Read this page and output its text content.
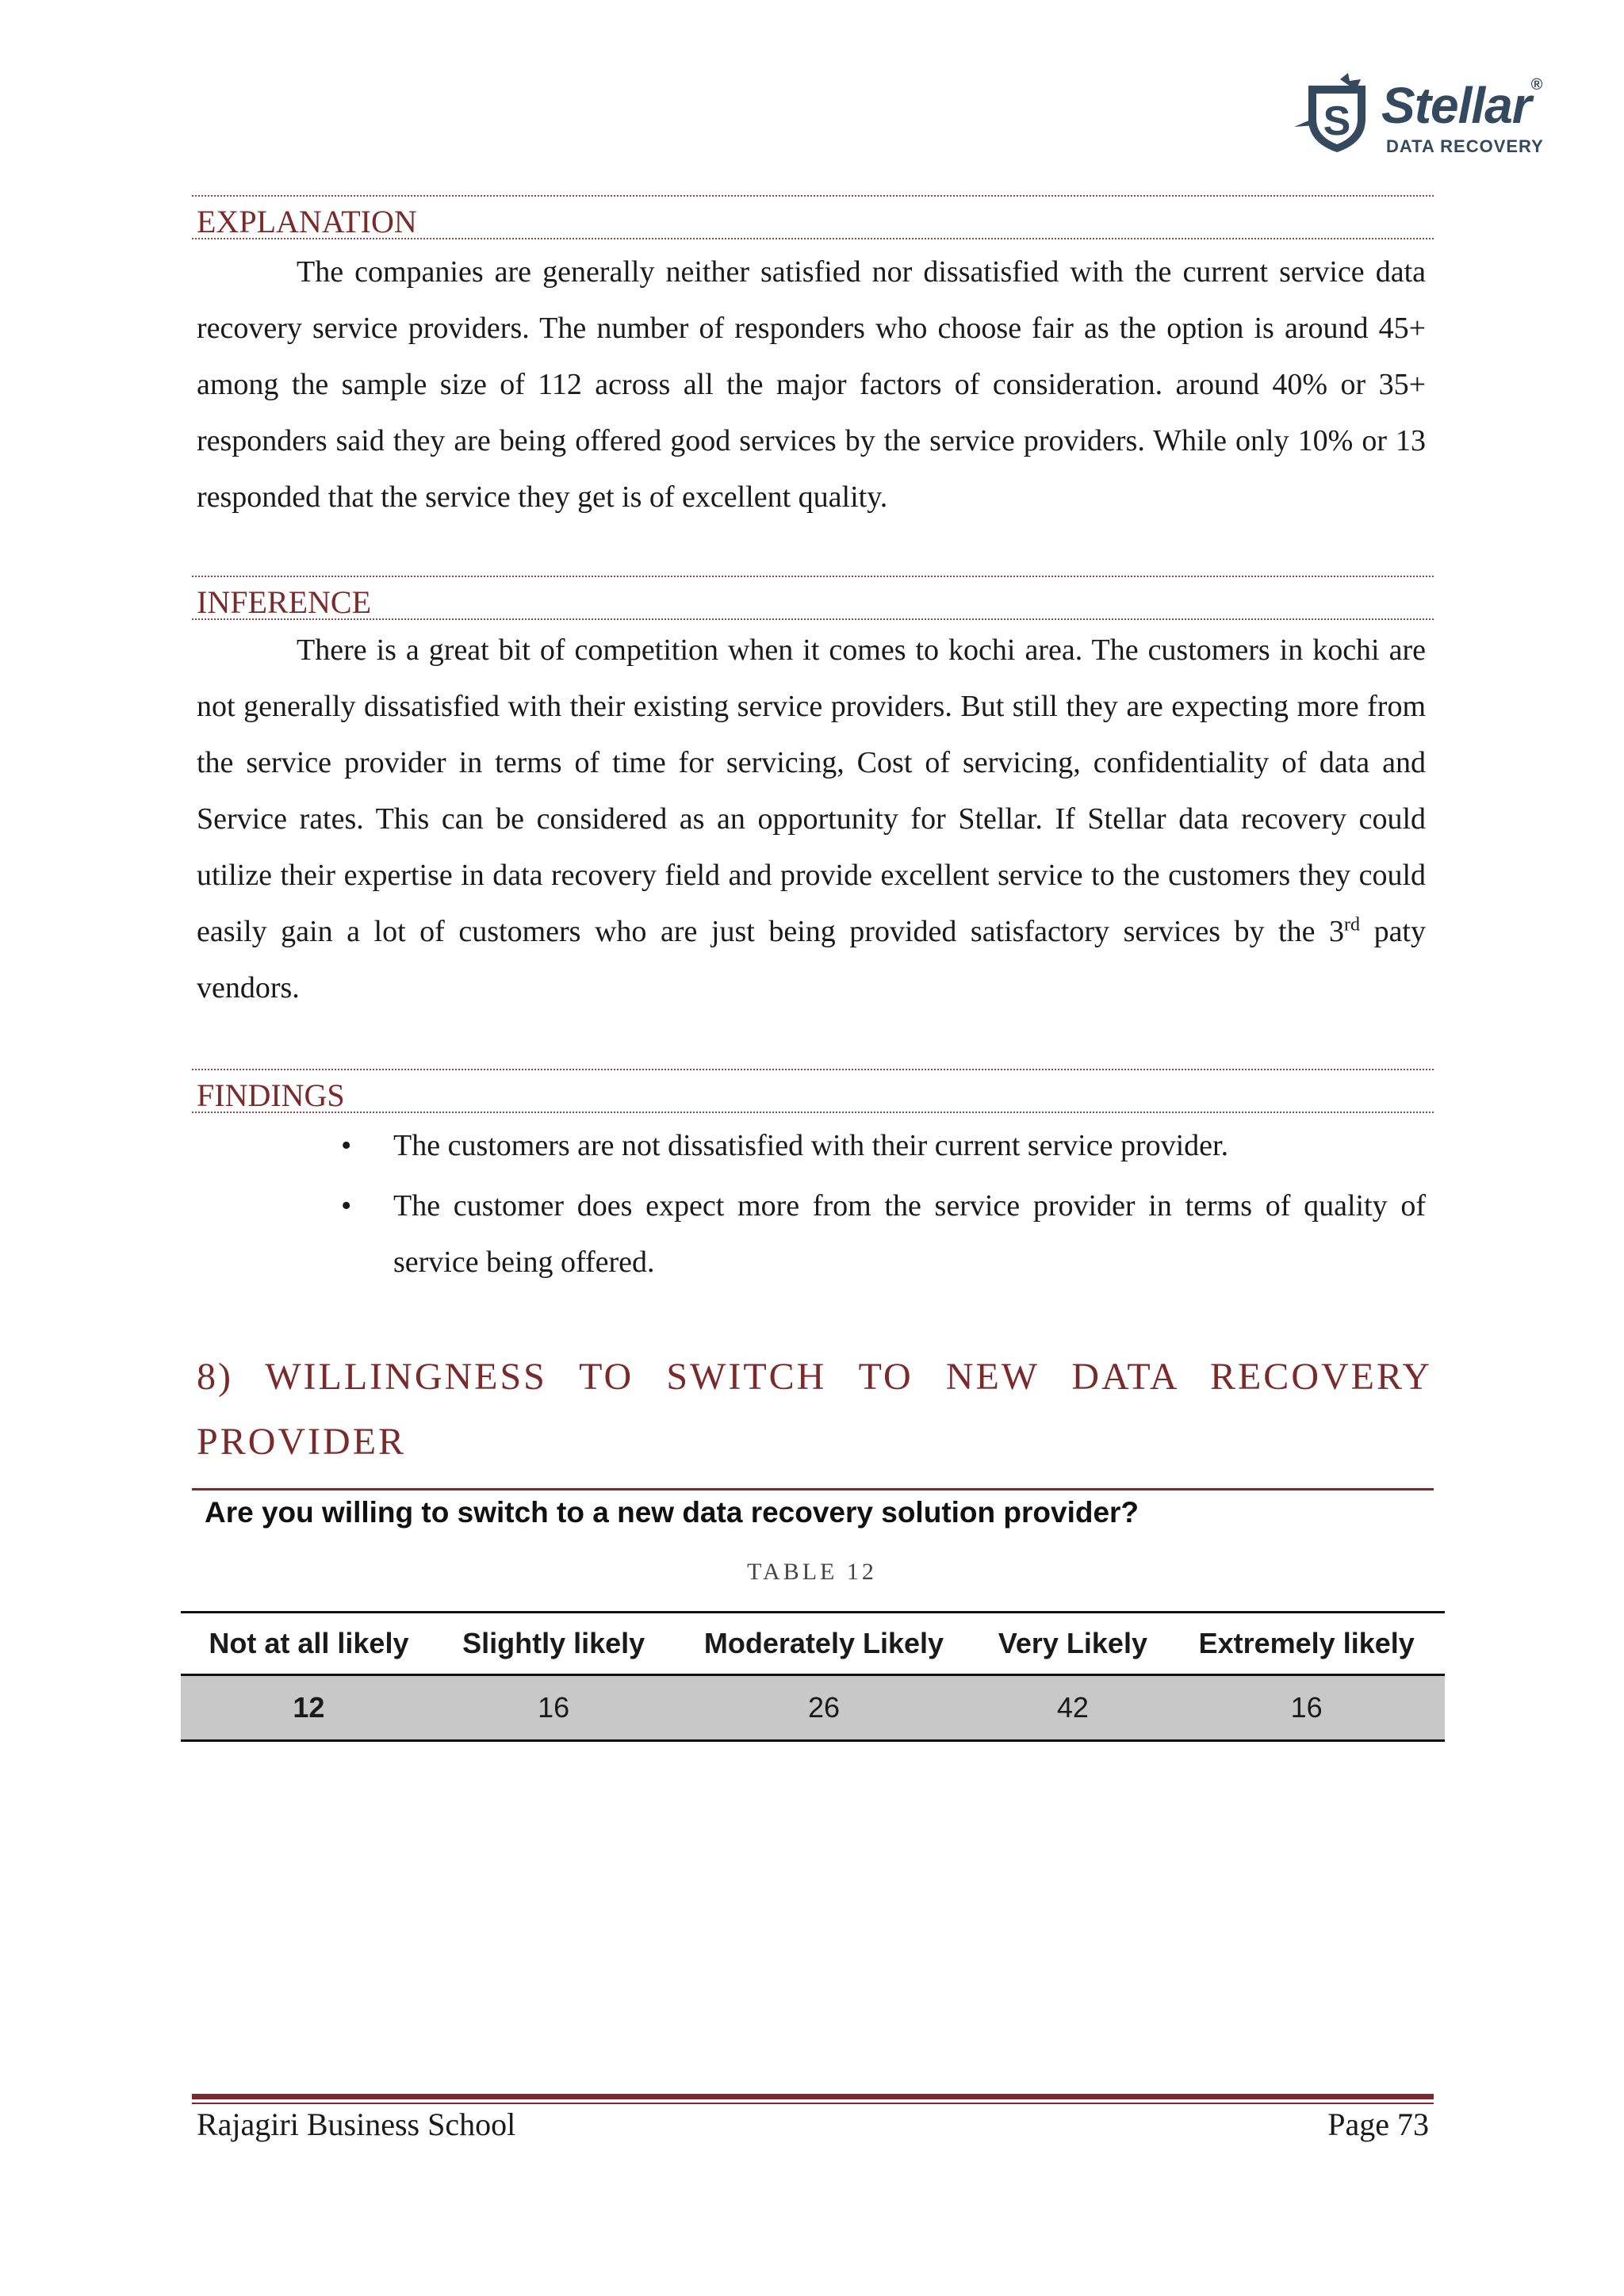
S Stellar®
DATA RECOVERY
EXPLANATION

The companies are generally neither satisfied nor dissatisfied with the current service data recovery service providers. The number of responders who choose fair as the option is around 45+ among the sample size of 112 across all the major factors of consideration. around 40% or 35+ responders said they are being offered good services by the service providers. While only 10% or 13 responded that the service they get is of excellent quality.

INFERENCE

There is a great bit of competition when it comes to kochi area. The customers in kochi are not generally dissatisfied with their existing service providers. But still they are expecting more from the service provider in terms of time for servicing, Cost of servicing, confidentiality of data and Service rates. This can be considered as an opportunity for Stellar. If Stellar data recovery could utilize their expertise in data recovery field and provide excellent service to the customers they could easily gain a lot of customers who are just being provided satisfactory services by the 3rd paty vendors.

FINDINGS
• The customers are not dissatisfied with their current service provider.
• The customer does expect more from the service provider in terms of quality of service being offered.
8) WILLINGNESS TO SWITCH TO NEW DATA RECOVERY PROVIDER
Are you willing to switch to a new data recovery solution provider?
TABLE 12
Not at all likely	Slightly likely	Moderately Likely	Very Likely	Extremely likely
12	16	26	42	16
Rajagiri Business School	Page 73
